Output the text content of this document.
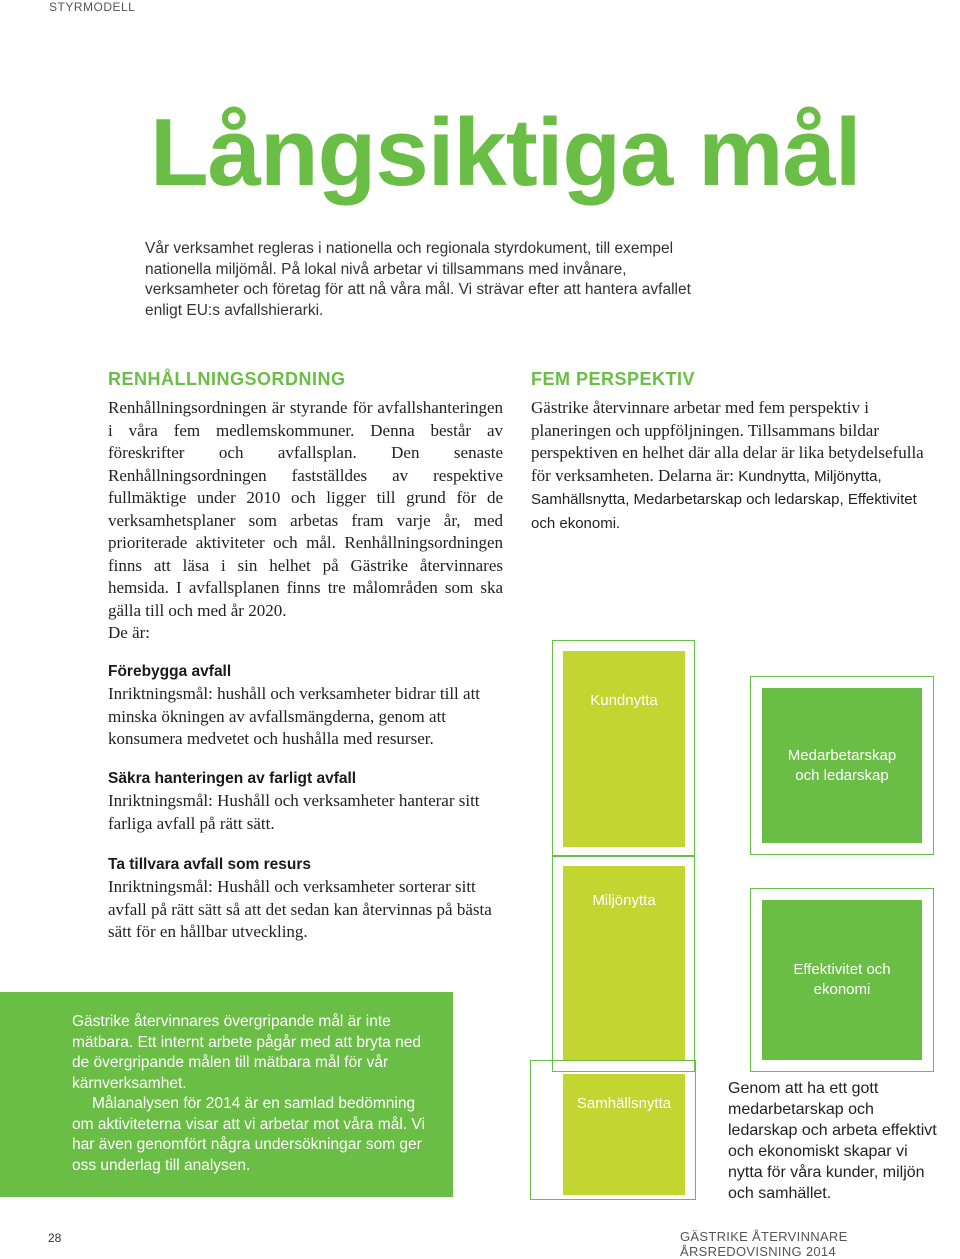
STYRMODELL
Långsiktiga mål
Vår verksamhet regleras i nationella och regionala styrdokument, till exempel nationella miljömål. På lokal nivå arbetar vi tillsammans med invånare, verksamheter och företag för att nå våra mål. Vi strävar efter att hantera avfallet enligt EU:s avfallshierarki.
RENHÅLLNINGSORDNING
Renhållningsordningen är styrande för avfallshanteringen i våra fem medlemskommuner. Denna består av föreskrifter och avfallsplan. Den senaste Renhållningsordningen fastställdes av respektive fullmäktige under 2010 och ligger till grund för de verksamhetsplaner som arbetas fram varje år, med prioriterade aktiviteter och mål. Renhållningsordningen finns att läsa i sin helhet på Gästrike återvinnares hemsida. I avfallsplanen finns tre målområden som ska gälla till och med år 2020.
De är:
Förebygga avfall
Inriktningsmål: hushåll och verksamheter bidrar till att minska ökningen av avfallsmängderna, genom att konsumera medvetet och hushålla med resurser.
Säkra hanteringen av farligt avfall
Inriktningsmål: Hushåll och verksamheter hanterar sitt farliga avfall på rätt sätt.
Ta tillvara avfall som resurs
Inriktningsmål: Hushåll och verksamheter sorterar sitt avfall på rätt sätt så att det sedan kan återvinnas på bästa sätt för en hållbar utveckling.
FEM PERSPEKTIV
Gästrike återvinnare arbetar med fem perspektiv i planeringen och uppföljningen. Tillsammans bildar perspektiven en helhet där alla delar är lika betydelsefulla för verksamheten. Delarna är: Kundnytta, Miljönytta, Samhällsnytta, Medarbetarskap och ledarskap, Effektivitet och ekonomi.
Kundnytta
Miljönytta
Samhällsnytta
Medarbetarskap och ledarskap
Effektivitet och ekonomi
Genom att ha ett gott medarbetarskap och ledarskap och arbeta effektivt och ekonomiskt skapar vi nytta för våra kunder, miljön och samhället.

Gästrike återvinnares övergripande mål är inte mätbara. Ett internt arbete pågår med att bryta ned de övergripande målen till mätbara mål för vår kärnverksamhet.

Målanalysen för 2014 är en samlad bedömning om aktiviteterna visar att vi arbetar mot våra mål. Vi har även genomfört några undersökningar som ger oss underlag till analysen.

28	GÄSTRIKE ÅTERVINNARE ÅRSREDOVISNING 2014
